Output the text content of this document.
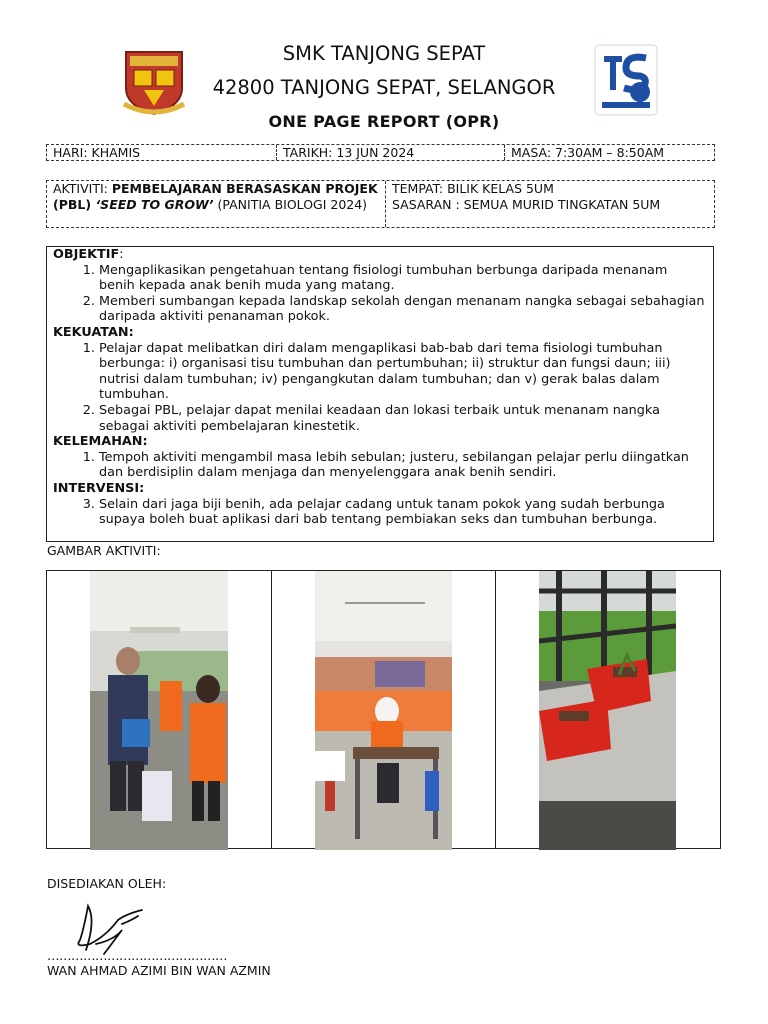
SMK TANJONG SEPAT
42800 TANJONG SEPAT, SELANGOR
ONE PAGE REPORT (OPR)
HARI: KHAMIS	TARIKH: 13 JUN 2024	MASA: 7:30AM – 8:50AM
AKTIVITI: PEMBELAJARAN BERASASKAN PROJEK (PBL) ‘SEED TO GROW’ (PANITIA BIOLOGI 2024)
TEMPAT: BILIK KELAS 5UM
SASARAN : SEMUA MURID TINGKATAN 5UM
OBJEKTIF:
1. Mengaplikasikan pengetahuan tentang fisiologi tumbuhan berbunga daripada menanam benih kepada anak benih muda yang matang.
2. Memberi sumbangan kepada landskap sekolah dengan menanam nangka sebagai sebahagian daripada aktiviti penanaman pokok.
KEKUATAN:
1. Pelajar dapat melibatkan diri dalam mengaplikasi bab-bab dari tema fisiologi tumbuhan berbunga: i) organisasi tisu tumbuhan dan pertumbuhan; ii) struktur dan fungsi daun; iii) nutrisi dalam tumbuhan; iv) pengangkutan dalam tumbuhan; dan v) gerak balas dalam tumbuhan.
2. Sebagai PBL, pelajar dapat menilai keadaan dan lokasi terbaik untuk menanam nangka sebagai aktiviti pembelajaran kinestetik.
KELEMAHAN:
1. Tempoh aktiviti mengambil masa lebih sebulan; justeru, sebilangan pelajar perlu diingatkan dan berdisiplin dalam menjaga dan menyelenggara anak benih sendiri.
INTERVENSI:
3. Selain dari jaga biji benih, ada pelajar cadang untuk tanam pokok yang sudah berbunga supaya boleh buat aplikasi dari bab tentang pembiakan seks dan tumbuhan berbunga.
GAMBAR AKTIVITI:
DISEDIAKAN OLEH:
………………………………………
WAN AHMAD AZIMI BIN WAN AZMIN
